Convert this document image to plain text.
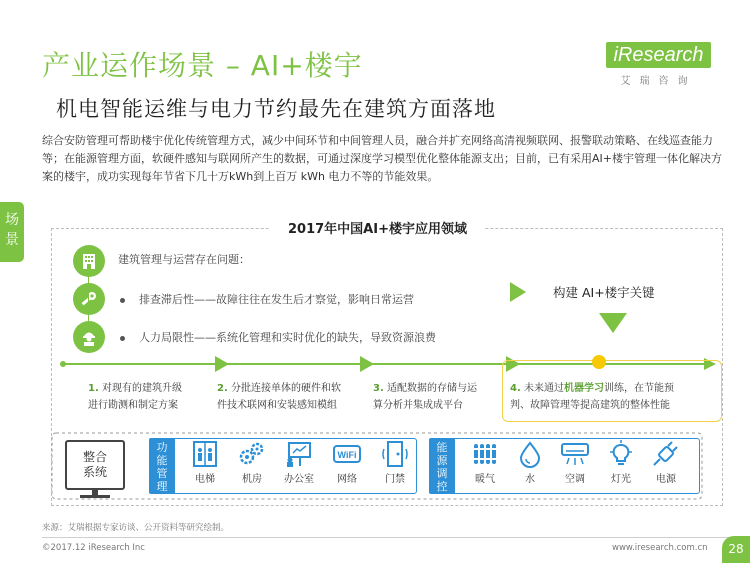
产业运作场景 – AI+楼宇
机电智能运维与电力节约最先在建筑方面落地
iResearch
艾瑞咨询
综合安防管理可帮助楼宇优化传统管理方式，减少中间环节和中间管理人员，融合并扩充网络高清视频联网、报警联动策略、在线巡查能力等；在能源管理方面，软硬件感知与联网所产生的数据，可通过深度学习模型优化整体能源支出；目前，已有采用AI+楼宇管理一体化解决方案的楼宇，成功实现每年节省下几十万kWh到上百万 kWh 电力不等的节能效果。
场景
2017年中国AI+楼宇应用领域
建筑管理与运营存在问题：
排查滞后性——故障往往在发生后才察觉，影响日常运营
人力局限性——系统化管理和实时优化的缺失，导致资源浪费
构建 AI+楼宇关键
1. 对现有的建筑升级
进行勘测和制定方案
2. 分批连接单体的硬件和软
件技术联网和安装感知模组
3. 适配数据的存储与运
算分析并集成成平台
4. 未来通过机器学习训练，在节能预
判、故障管理等提高建筑的整体性能
整合
系统
功能管理
电梯	机房	办公室
WiFi
网络	门禁
能源调控
暖气	水	空调	灯光	电源
来源：艾瑞根据专家访谈、公开资料等研究绘制。
©2017.12 iResearch Inc	www.iresearch.com.cn	28
